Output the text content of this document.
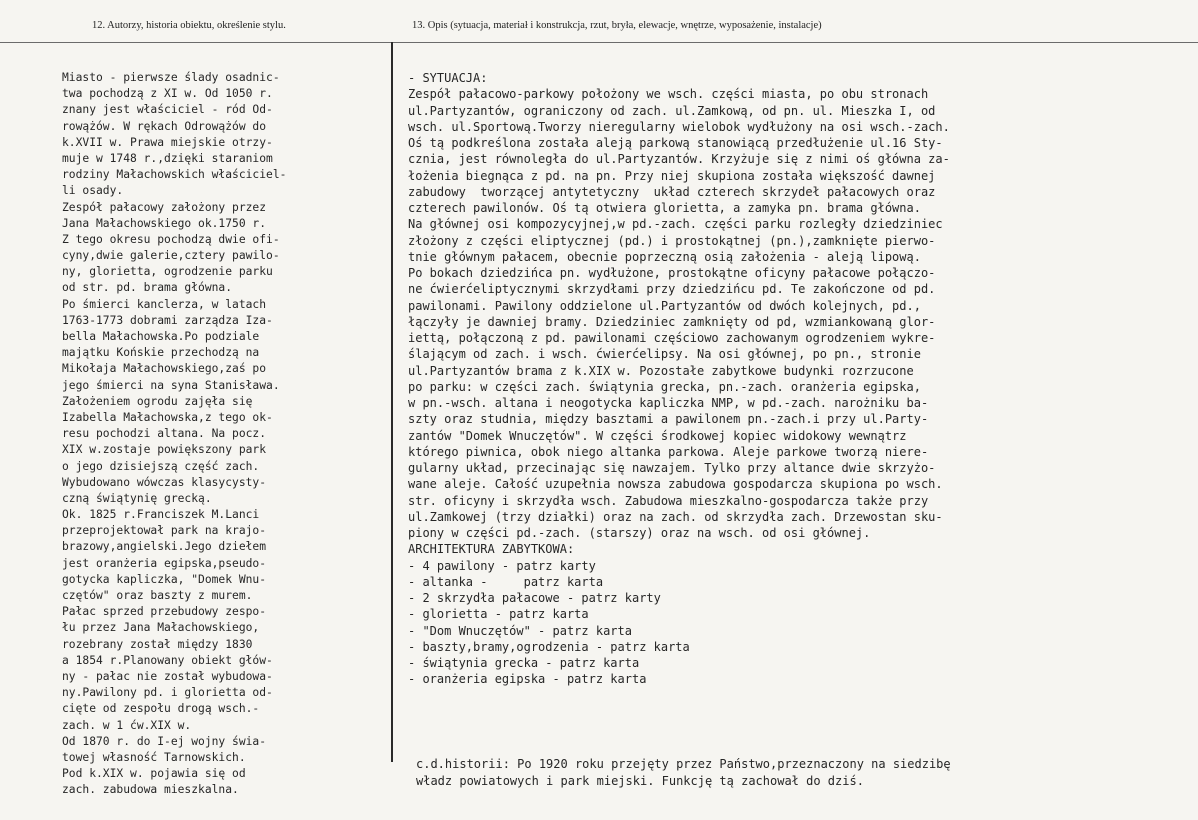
12. Autorzy, historia obiektu, określenie stylu.	13. Opis (sytuacja, materiał i konstrukcja, rzut, bryła, elewacje, wnętrze, wyposażenie, instalacje)
Miasto - pierwsze ślady osadnic-
twa pochodzą z XI w. Od 1050 r.
znany jest właściciel - ród Od-
rowążów. W rękach Odrowążów do
k.XVII w. Prawa miejskie otrzy-
muje w 1748 r.,dzięki staraniom
rodziny Małachowskich właściciel-
li osady.
Zespół pałacowy założony przez
Jana Małachowskiego ok.1750 r.
Z tego okresu pochodzą dwie ofi-
cyny,dwie galerie,cztery pawilo-
ny, glorietta, ogrodzenie parku
od str. pd. brama główna.
Po śmierci kanclerza, w latach
1763-1773 dobrami zarządza Iza-
bella Małachowska.Po podziale
majątku Końskie przechodzą na
Mikołaja Małachowskiego,zaś po
jego śmierci na syna Stanisława.
Założeniem ogrodu zajęła się
Izabella Małachowska,z tego ok-
resu pochodzi altana. Na pocz.
XIX w.zostaje powiększony park
o jego dzisiejszą część zach.
Wybudowano wówczas klasycysty-
czną świątynię grecką.
Ok. 1825 r.Franciszek M.Lanci
przeprojektował park na krajo-
brazowy,angielski.Jego dziełem
jest oranżeria egipska,pseudo-
gotycka kapliczka, "Domek Wnu-
czętów" oraz baszty z murem.
Pałac sprzed przebudowy zespo-
łu przez Jana Małachowskiego,
rozebrany został między 1830
a 1854 r.Planowany obiekt głów-
ny - pałac nie został wybudowa-
ny.Pawilony pd. i glorietta od-
cięte od zespołu drogą wsch.-
zach. w 1 ćw.XIX w.
Od 1870 r. do I-ej wojny świa-
towej własność Tarnowskich.
Pod k.XIX w. pojawia się od
zach. zabudowa mieszkalna.
- SYTUACJA:
Zespół pałacowo-parkowy położony we wsch. części miasta, po obu stronach
ul.Partyzantów, ograniczony od zach. ul.Zamkową, od pn. ul. Mieszka I, od
wsch. ul.Sportową.Tworzy nieregularny wielobok wydłużony na osi wsch.-zach.
Oś tą podkreślona została aleją parkową stanowiącą przedłużenie ul.16 Sty-
cznia, jest równoległa do ul.Partyzantów. Krzyżuje się z nimi oś główna za-
łożenia biegnąca z pd. na pn. Przy niej skupiona została większość dawnej
zabudowy  tworzącej antytetyczny  układ czterech skrzydeł pałacowych oraz
czterech pawilonów. Oś tą otwiera glorietta, a zamyka pn. brama główna.
Na głównej osi kompozycyjnej,w pd.-zach. części parku rozległy dziedziniec
złożony z części eliptycznej (pd.) i prostokątnej (pn.),zamknięte pierwo-
tnie głównym pałacem, obecnie poprzeczną osią założenia - aleją lipową.
Po bokach dziedzińca pn. wydłużone, prostokątne oficyny pałacowe połączo-
ne ćwierćeliptycznymi skrzydłami przy dziedzińcu pd. Te zakończone od pd.
pawilonami. Pawilony oddzielone ul.Partyzantów od dwóch kolejnych, pd.,
łączyły je dawniej bramy. Dziedziniec zamknięty od pd, wzmiankowaną glor-
iettą, połączoną z pd. pawilonami częściowo zachowanym ogrodzeniem wykre-
ślającym od zach. i wsch. ćwierćelipsy. Na osi głównej, po pn., stronie
ul.Partyzantów brama z k.XIX w. Pozostałe zabytkowe budynki rozrzucone
po parku: w części zach. świątynia grecka, pn.-zach. oranżeria egipska,
w pn.-wsch. altana i neogotycka kapliczka NMP, w pd.-zach. narożniku ba-
szty oraz studnia, między basztami a pawilonem pn.-zach.i przy ul.Party-
zantów "Domek Wnuczętów". W części środkowej kopiec widokowy wewnątrz
którego piwnica, obok niego altanka parkowa. Aleje parkowe tworzą niere-
gularny układ, przecinając się nawzajem. Tylko przy altance dwie skrzyżo-
wane aleje. Całość uzupełnia nowsza zabudowa gospodarcza skupiona po wsch.
str. oficyny i skrzydła wsch. Zabudowa mieszkalno-gospodarcza także przy
ul.Zamkowej (trzy działki) oraz na zach. od skrzydła zach. Drzewostan sku-
piony w części pd.-zach. (starszy) oraz na wsch. od osi głównej.
ARCHITEKTURA ZABYTKOWA:
- 4 pawilony - patrz karty
- altanka -     patrz karta
- 2 skrzydła pałacowe - patrz karty
- glorietta - patrz karta
- "Dom Wnuczętów" - patrz karta
- baszty,bramy,ogrodzenia - patrz karta
- świątynia grecka - patrz karta
- oranżeria egipska - patrz karta
c.d.historii: Po 1920 roku przejęty przez Państwo,przeznaczony na siedzibę
władz powiatowych i park miejski. Funkcję tą zachował do dziś.
